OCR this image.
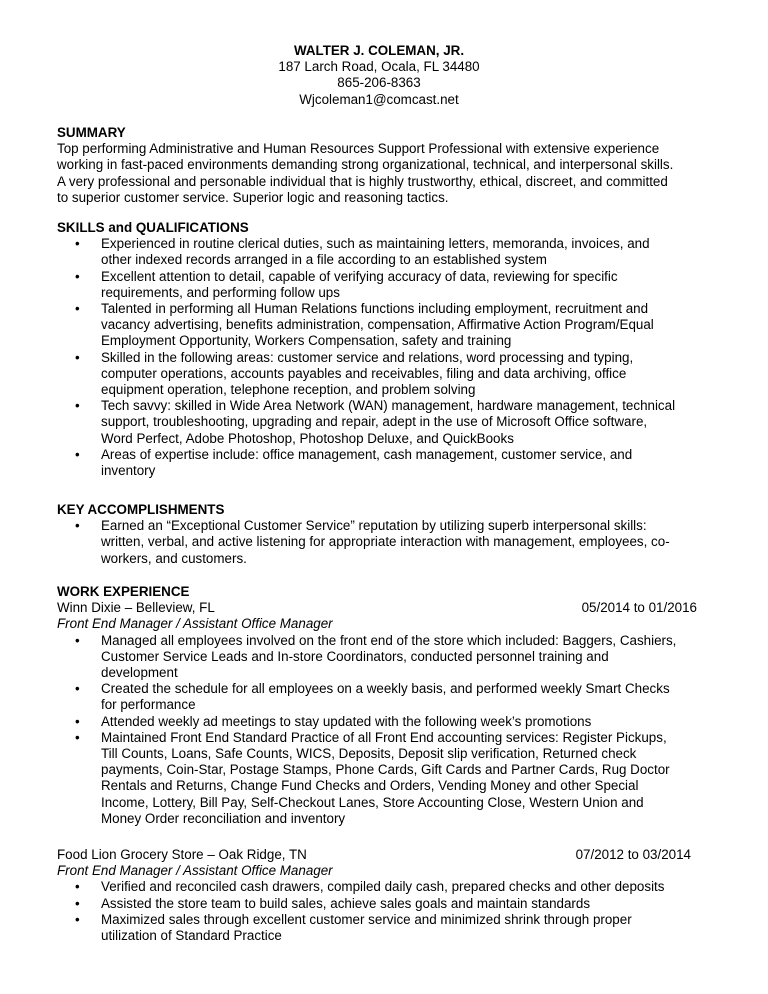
WALTER J. COLEMAN, JR.
187 Larch Road, Ocala, FL 34480
865-206-8363
Wjcoleman1@comcast.net
SUMMARY
Top performing Administrative and Human Resources Support Professional with extensive experience
working in fast-paced environments demanding strong organizational, technical, and interpersonal skills.
A very professional and personable individual that is highly trustworthy, ethical, discreet, and committed
to superior customer service. Superior logic and reasoning tactics.
SKILLS and QUALIFICATIONS
• Experienced in routine clerical duties, such as maintaining letters, memoranda, invoices, and
other indexed records arranged in a file according to an established system
• Excellent attention to detail, capable of verifying accuracy of data, reviewing for specific
requirements, and performing follow ups
• Talented in performing all Human Relations functions including employment, recruitment and
vacancy advertising, benefits administration, compensation, Affirmative Action Program/Equal
Employment Opportunity, Workers Compensation, safety and training
• Skilled in the following areas: customer service and relations, word processing and typing,
computer operations, accounts payables and receivables, filing and data archiving, office
equipment operation, telephone reception, and problem solving
• Tech savvy: skilled in Wide Area Network (WAN) management, hardware management, technical
support, troubleshooting, upgrading and repair, adept in the use of Microsoft Office software,
Word Perfect, Adobe Photoshop, Photoshop Deluxe, and QuickBooks
• Areas of expertise include: office management, cash management, customer service, and
inventory
KEY ACCOMPLISHMENTS
• Earned an “Exceptional Customer Service” reputation by utilizing superb interpersonal skills:
written, verbal, and active listening for appropriate interaction with management, employees, co-
workers, and customers.
WORK EXPERIENCE
Winn Dixie – Belleview, FL	05/2014 to 01/2016
Front End Manager / Assistant Office Manager
• Managed all employees involved on the front end of the store which included: Baggers, Cashiers,
Customer Service Leads and In-store Coordinators, conducted personnel training and
development
• Created the schedule for all employees on a weekly basis, and performed weekly Smart Checks
for performance
• Attended weekly ad meetings to stay updated with the following week’s promotions
• Maintained Front End Standard Practice of all Front End accounting services: Register Pickups,
Till Counts, Loans, Safe Counts, WICS, Deposits, Deposit slip verification, Returned check
payments, Coin-Star, Postage Stamps, Phone Cards, Gift Cards and Partner Cards, Rug Doctor
Rentals and Returns, Change Fund Checks and Orders, Vending Money and other Special
Income, Lottery, Bill Pay, Self-Checkout Lanes, Store Accounting Close, Western Union and
Money Order reconciliation and inventory
Food Lion Grocery Store – Oak Ridge, TN	07/2012 to 03/2014
Front End Manager / Assistant Office Manager
• Verified and reconciled cash drawers, compiled daily cash, prepared checks and other deposits
• Assisted the store team to build sales, achieve sales goals and maintain standards
• Maximized sales through excellent customer service and minimized shrink through proper
utilization of Standard Practice
